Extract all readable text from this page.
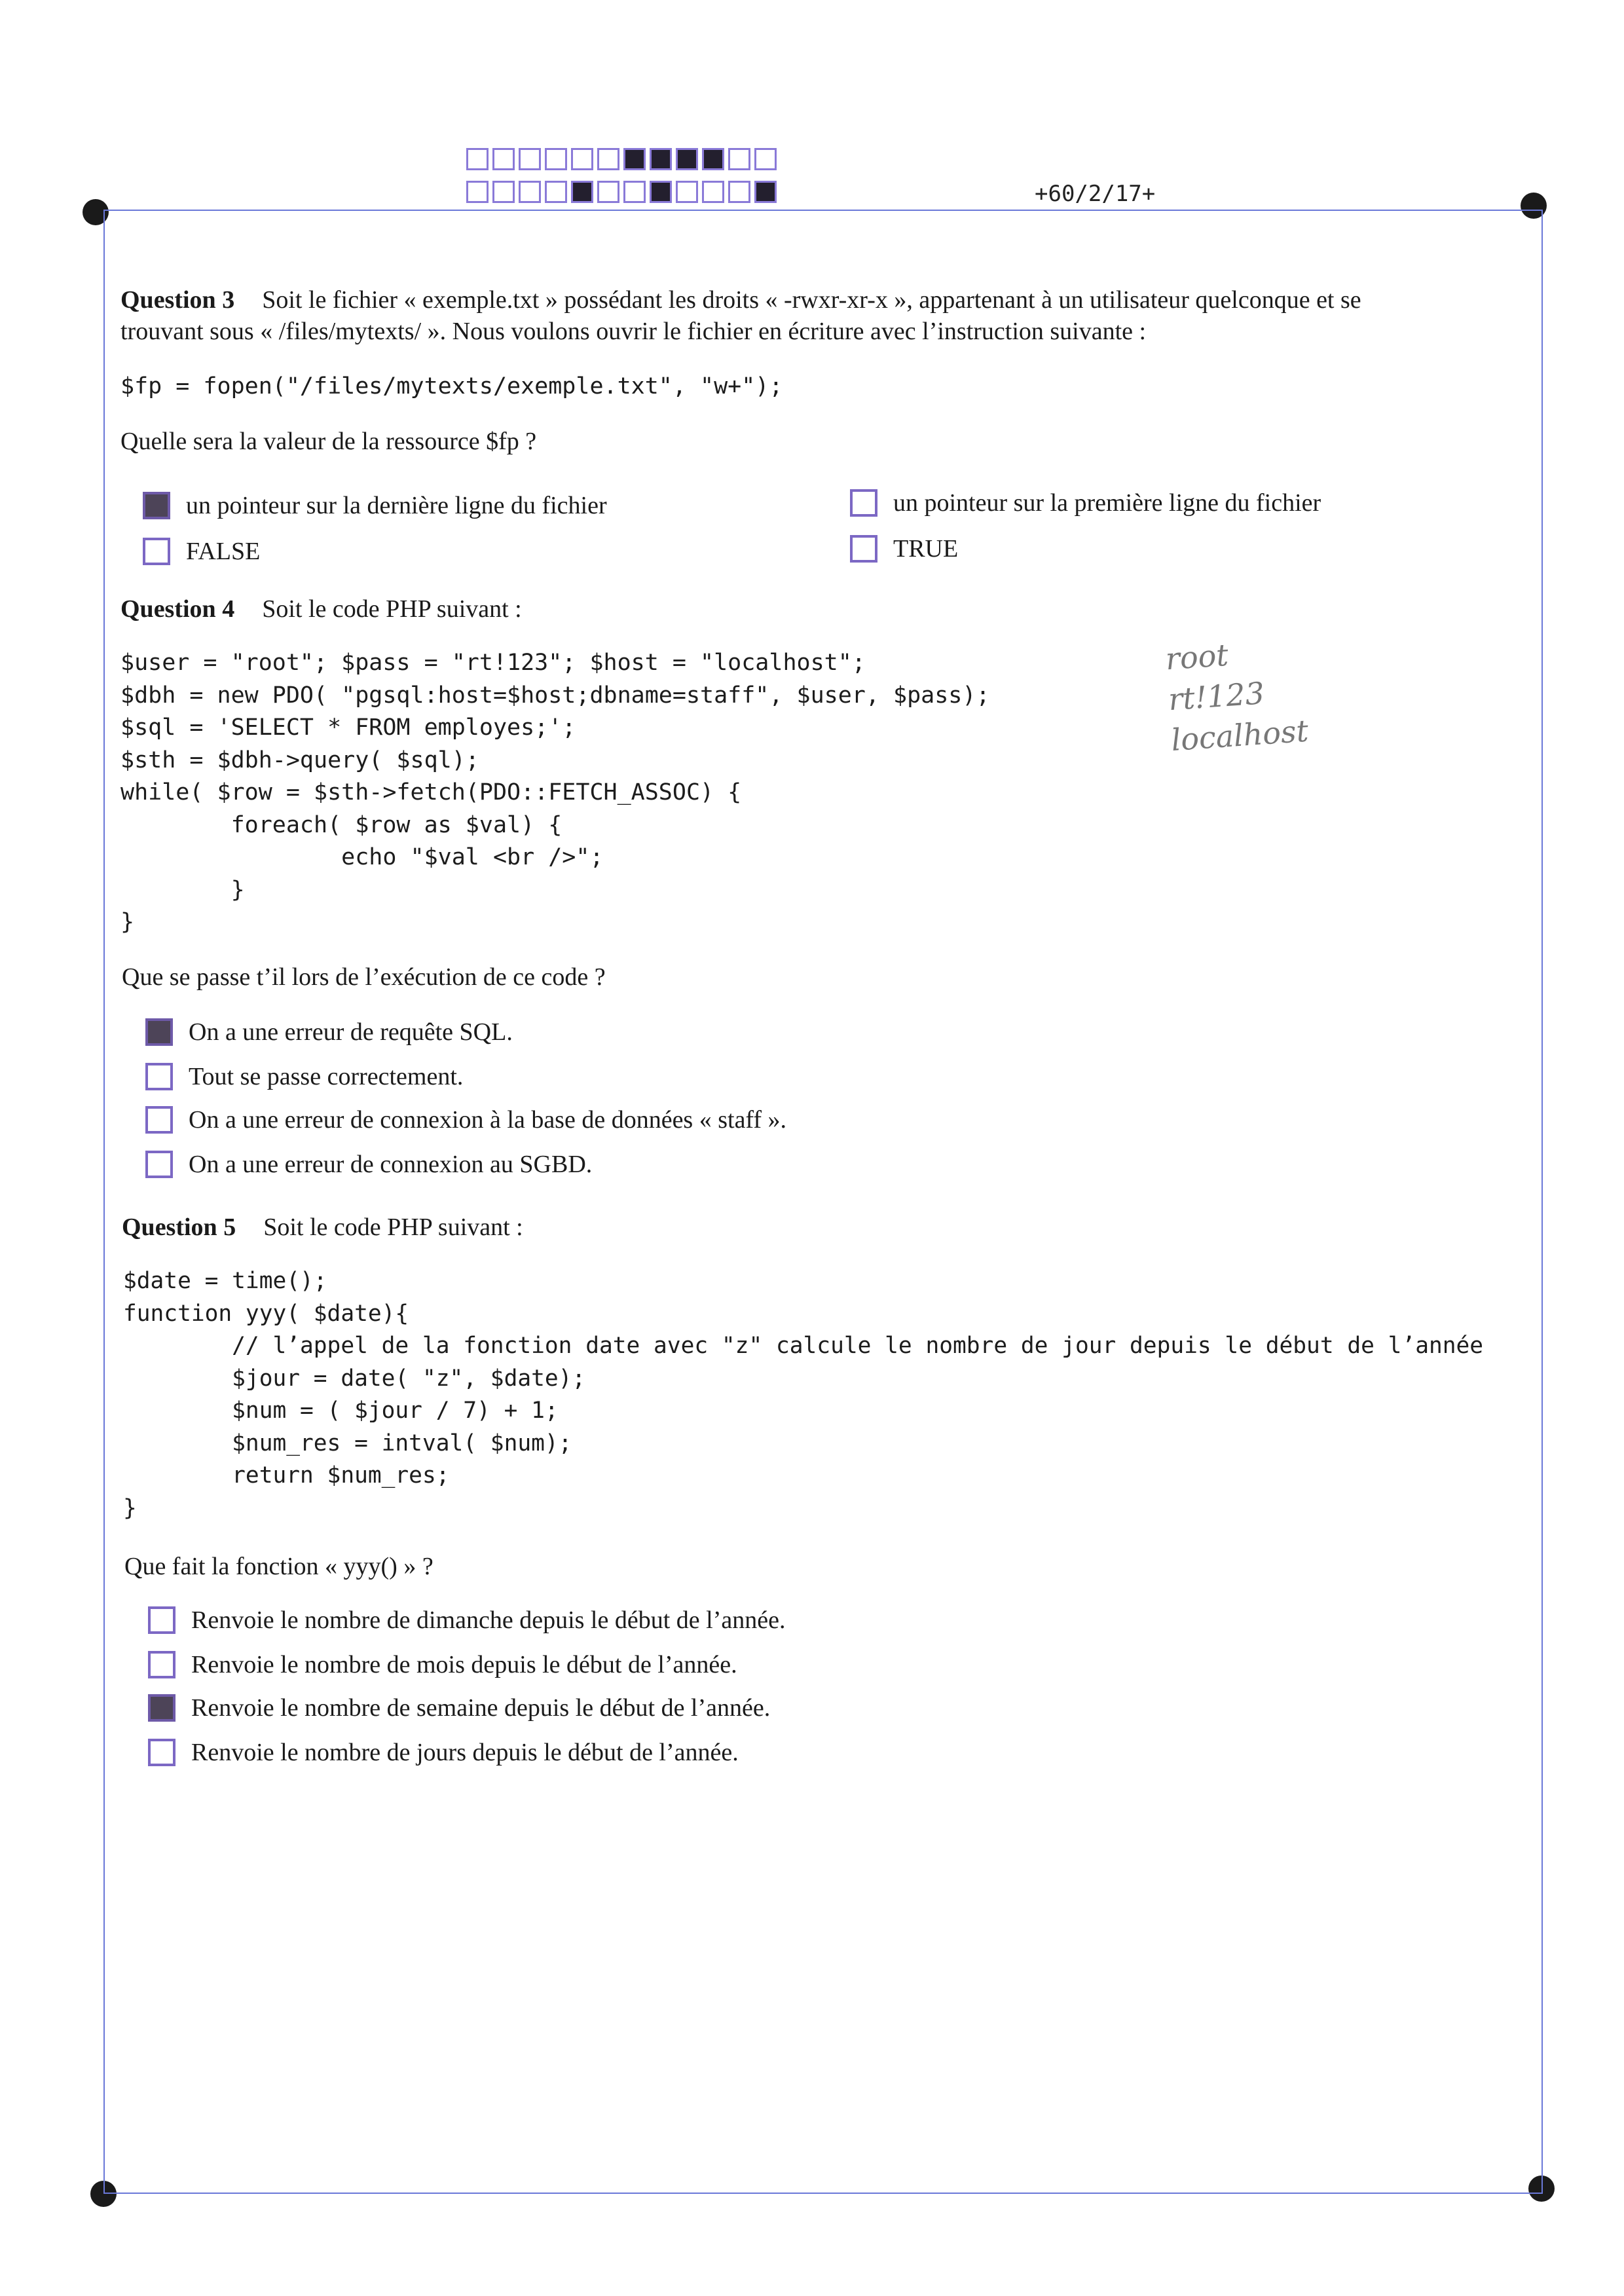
+60/2/17+
Question 3 Soit le fichier « exemple.txt » possédant les droits « -rwxr-xr-x », appartenant à un utilisateur quelconque et se
trouvant sous « /files/mytexts/ ». Nous voulons ouvrir le fichier en écriture avec l’instruction suivante :
$fp = fopen("/files/mytexts/exemple.txt", "w+");
Quelle sera la valeur de la ressource $fp ?
un pointeur sur la dernière ligne du fichier	un pointeur sur la première ligne du fichier
FALSE	TRUE
Question 4 Soit le code PHP suivant :
$user = "root"; $pass = "rt!123"; $host = "localhost";
$dbh = new PDO( "pgsql:host=$host;dbname=staff", $user, $pass);
$sql = 'SELECT * FROM employes;';
$sth = $dbh->query( $sql);
while( $row = $sth->fetch(PDO::FETCH_ASSOC) {
foreach( $row as $val) {
echo "$val <br />";
}
}
root
rt!123
localhost
Que se passe t’il lors de l’exécution de ce code ?
On a une erreur de requête SQL.
Tout se passe correctement.
On a une erreur de connexion à la base de données « staff ».
On a une erreur de connexion au SGBD.
Question 5 Soit le code PHP suivant :
$date = time();
function yyy( $date){
// l’appel de la fonction date avec "z" calcule le nombre de jour depuis le début de l’année
$jour = date( "z", $date);
$num = ( $jour / 7) + 1;
$num_res = intval( $num);
return $num_res;
}
Que fait la fonction « yyy() » ?
Renvoie le nombre de dimanche depuis le début de l’année.
Renvoie le nombre de mois depuis le début de l’année.
Renvoie le nombre de semaine depuis le début de l’année.
Renvoie le nombre de jours depuis le début de l’année.
